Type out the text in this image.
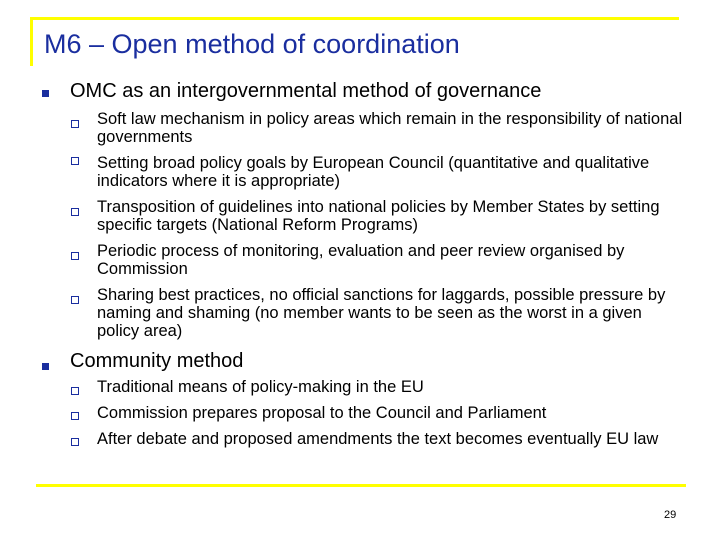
M6 – Open method of coordination
OMC as an intergovernmental method of governance
Soft law mechanism in policy areas which remain in the responsibility of national governments
Setting broad policy goals by European Council (quantitative and qualitative indicators where it is appropriate)
Transposition of guidelines into national policies by Member States by setting specific targets (National Reform Programs)
Periodic process of monitoring, evaluation and peer review organised by Commission
Sharing best practices, no official sanctions for laggards, possible pressure by naming and shaming (no member wants to be seen as the worst in a given policy area)
Community method
Traditional means of policy-making in the EU
Commission prepares proposal to the Council and Parliament
After debate and proposed amendments the text becomes eventually EU law
29
